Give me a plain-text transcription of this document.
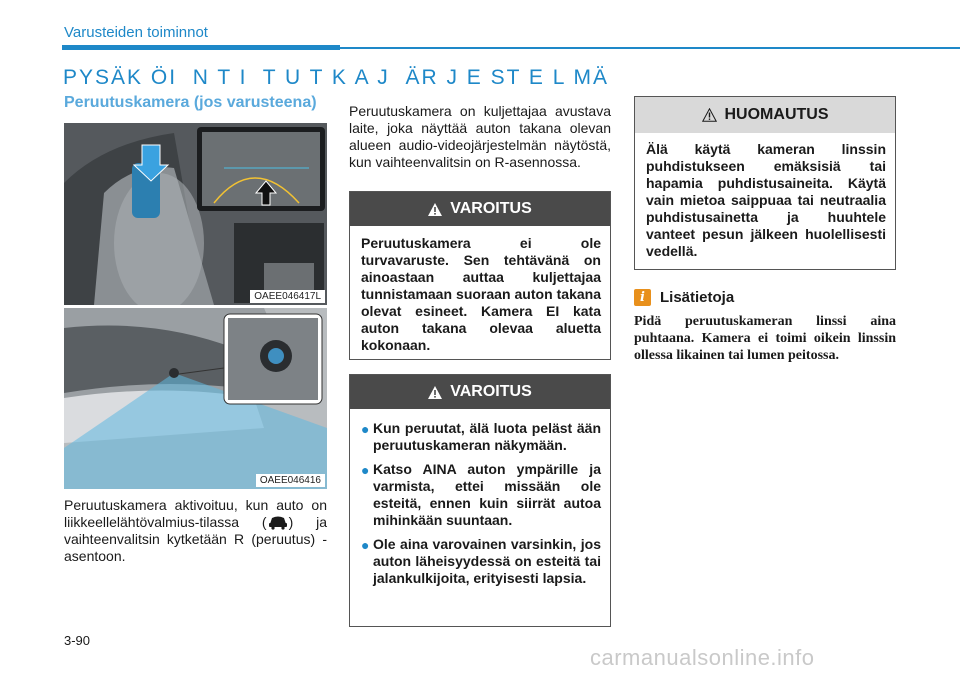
Varusteiden toiminnot
PYSÄK ÖI  N T I  T U T K A J  ÄR J E ST E L MÄ
Peruutuskamera (jos varusteena)
OAEE046417L
OAEE046416
Peruutuskamera aktivoituu, kun auto on liikkeellelähtövalmius-tilassa ( ) ja vaihteenvalitsin kytketään R (peruutus) -asentoon.
Peruutuskamera on kuljettajaa avustava laite, joka näyttää auton takana olevan alueen audio-videojärjestelmän näytöstä, kun vaihteenvalitsin on R-asennossa.
VAROITUS
Peruutuskamera ei ole turvavaruste. Sen tehtävänä on ainoastaan auttaa kuljettajaa tunnistamaan suoraan auton takana olevat esineet. Kamera EI kata auton takana olevaa aluetta kokonaan.
VAROITUS
● Kun peruutat, älä luota peläst ään peruutuskameran näkymään.
● Katso AINA auton ympärille ja varmista, ettei missään ole esteitä, ennen kuin siirrät autoa mihinkään suuntaan.
● Ole aina varovainen varsinkin, jos auton läheisyydessä on esteitä tai jalankulkijoita, erityisesti lapsia.
HUOMAUTUS
Älä käytä kameran linssin puhdistukseen emäksisiä tai hapamia puhdistusaineita. Käytä vain mietoa saippuaa tai neutraalia puhdistusainetta ja huuhtele vanteet pesun jälkeen huolellisesti vedellä.
i	Lisätietoja
Pidä peruutuskameran linssi aina puhtaana. Kamera ei toimi oikein linssin ollessa likainen tai lumen peitossa.
3-90
carmanualsonline.info
